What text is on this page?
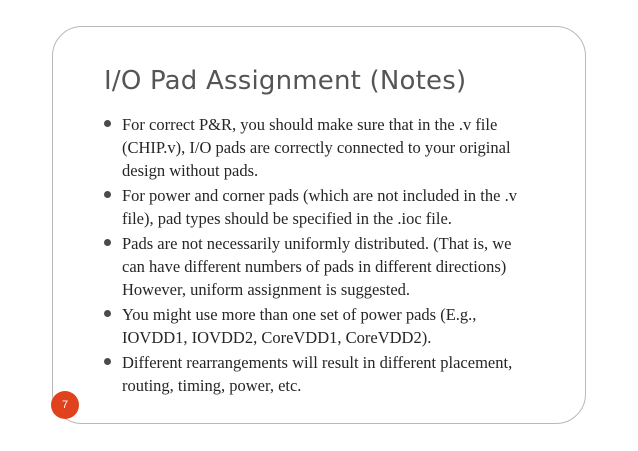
I/O Pad Assignment (Notes)
For correct P&R, you should make sure that in the .v file
(CHIP.v), I/O pads are correctly connected to your original
design without pads.
For power and corner pads (which are not included in the .v
file), pad types should be specified in the .ioc file.
Pads are not necessarily uniformly distributed. (That is, we
can have different numbers of pads in different directions)
However, uniform assignment is suggested.
You might use more than one set of power pads (E.g.,
IOVDD1, IOVDD2, CoreVDD1, CoreVDD2).
Different rearrangements will result in different placement,
routing, timing, power, etc.
7
